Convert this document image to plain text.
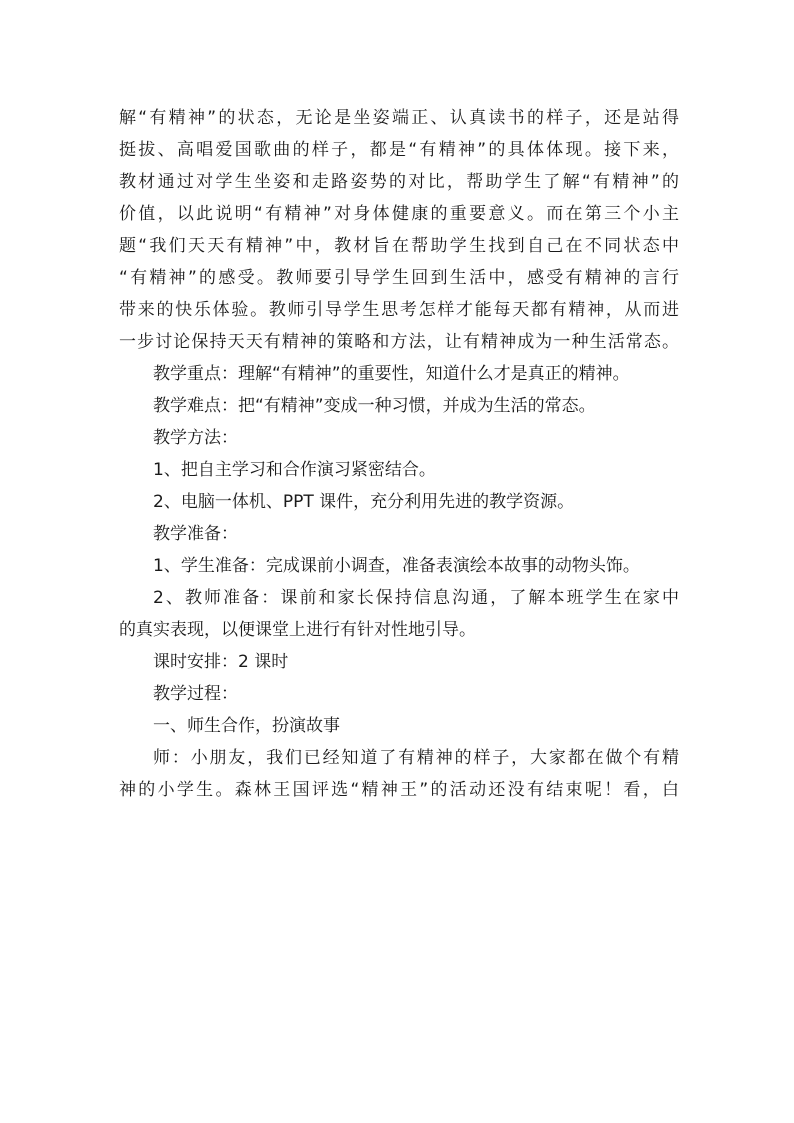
解“有精神”的状态，无论是坐姿端正、认真读书的样子，还是站得
挺拔、高唱爱国歌曲的样子，都是“有精神”的具体体现。接下来，
教材通过对学生坐姿和走路姿势的对比，帮助学生了解“有精神”的
价值，以此说明“有精神”对身体健康的重要意义。而在第三个小主
题“我们天天有精神”中，教材旨在帮助学生找到自己在不同状态中
“有精神”的感受。教师要引导学生回到生活中，感受有精神的言行
带来的快乐体验。教师引导学生思考怎样才能每天都有精神，从而进
一步讨论保持天天有精神的策略和方法，让有精神成为一种生活常态。
教学重点：理解“有精神”的重要性，知道什么才是真正的精神。
教学难点：把“有精神”变成一种习惯，并成为生活的常态。
教学方法：
1、把自主学习和合作演习紧密结合。
2、电脑一体机、PPT 课件，充分利用先进的教学资源。
教学准备：
1、学生准备：完成课前小调查，准备表演绘本故事的动物头饰。
2、教师准备：课前和家长保持信息沟通，了解本班学生在家中
的真实表现，以便课堂上进行有针对性地引导。
课时安排：2 课时
教学过程：
一、师生合作，扮演故事
师：小朋友，我们已经知道了有精神的样子，大家都在做个有精
神的小学生。森林王国评选“精神王”的活动还没有结束呢！看，白
